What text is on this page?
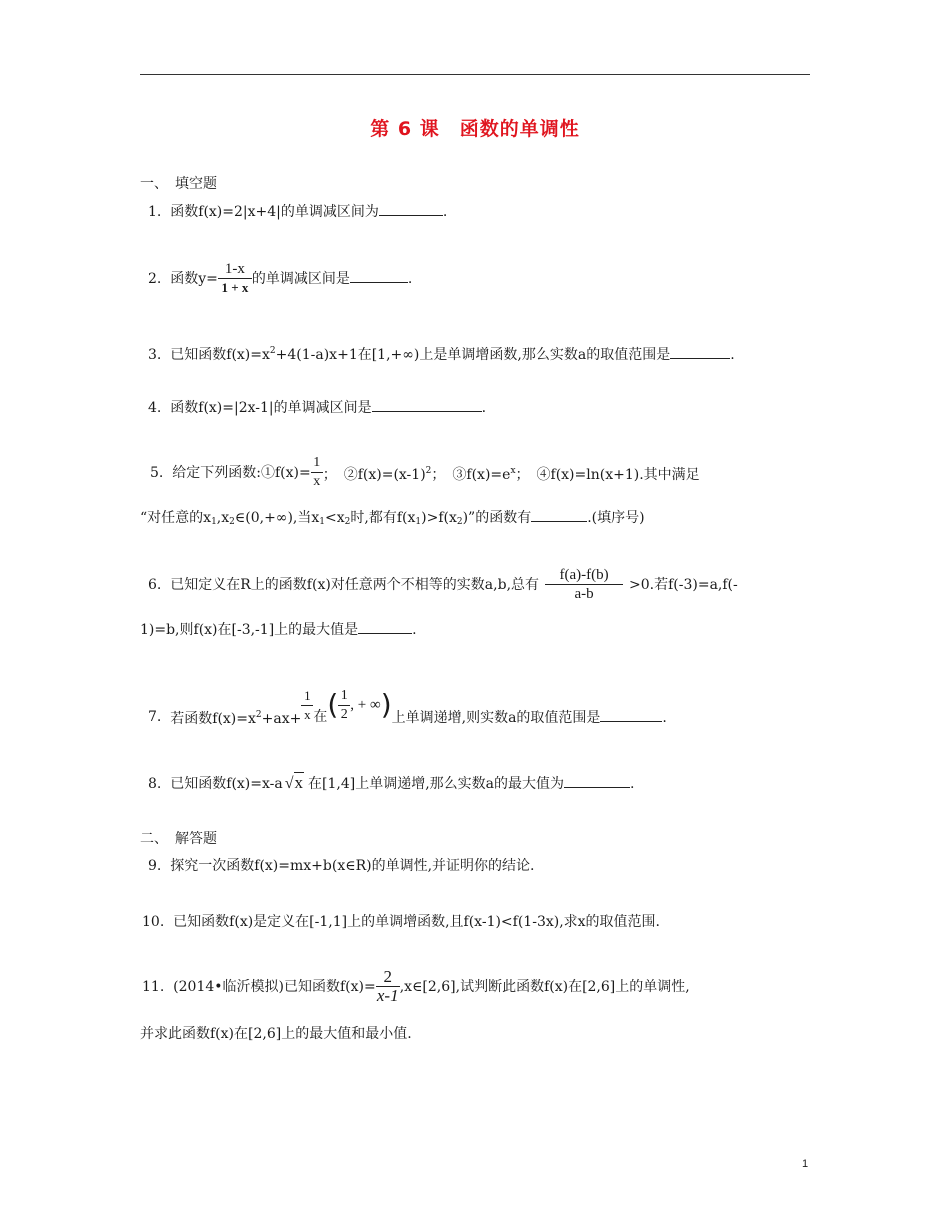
第 6 课　函数的单调性
一、　填空题
1. 函数f(x)=2|x+4|的单调减区间为	.
2. 函数$y= \frac{1-x}{1 + x}$ 的单调减区间是	.
3. 已知函数$f(x)=x^2+4(1-a)x+1$在[1,+∞)上是单调增函数,那么实数a的取值范围是	.
4. 函数f(x)=|2x-1|的单调减区间是	.
5. 给定下列函数:①f(x)= $\frac{1}{x}$ ；　$②f(x)=(x-1)^2$；　$③f(x)=e^x$；　④f(x)=ln(x+1).其中满足
“对任意的$x_1,x_2\in(0,+\infty)$,当$x_1<x_2$时,都有$f(x_1)>f(x_2)$”的函数有	.(填序号)
6. 已知定义在R上的函数f(x)对任意两个不相等的实数a,b,总有 $\frac{f(a)-f(b)}{a-b} >0$.若f(-3)=a,f(-
1)=b,则f(x)在[-3,-1]上的最大值是	.
7. 若函数$f(x)=x^2+ax+ \frac{1}{x}$ 在( $\frac{1}{2}$ , + ∞)上单调递增,则实数a的取值范围是	.
8. 已知函数f(x)=x-a √x 在[1,4]上单调递增,那么实数a的最大值为	.
二、　解答题
9. 探究一次函数f(x)=mx+b(x∈R)的单调性,并证明你的结论.
10. 已知函数f(x)是定义在[-1,1]上的单调增函数,且f(x-1)<f(1-3x),求x的取值范围.
11. (2014•临沂模拟)已知函数$f(x)= \frac{2}{x-1}$ ,x∈[2,6],试判断此函数f(x)在[2,6]上的单调性,
并求此函数f(x)在[2,6]上的最大值和最小值.
1
